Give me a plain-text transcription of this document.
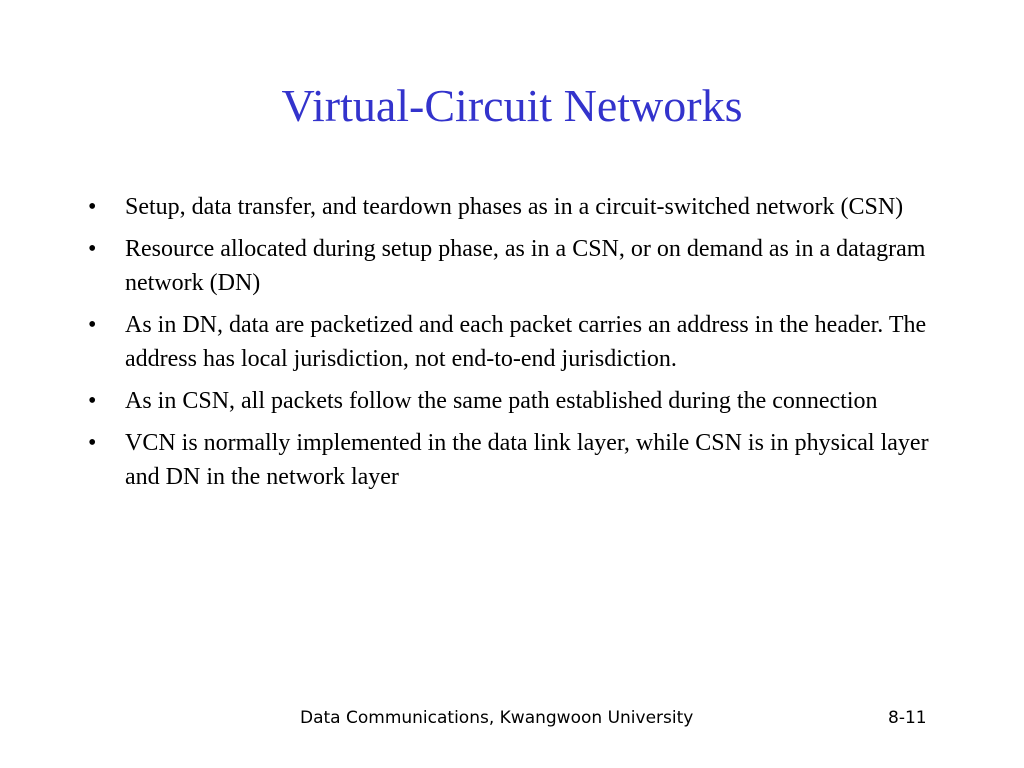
Virtual-Circuit Networks
•	Setup, data transfer, and teardown phases as in a circuit-switched network (CSN)
•	Resource allocated during setup phase, as in a CSN, or on demand as in a datagram network (DN)
•	As in DN, data are packetized and each packet carries an address in the header. The address has local jurisdiction, not end-to-end jurisdiction.
•	As in CSN, all packets follow the same path established during the connection
•	VCN is normally implemented in the data link layer, while CSN is in physical layer and DN in the network layer
Data Communications, Kwangwoon University	8-11
